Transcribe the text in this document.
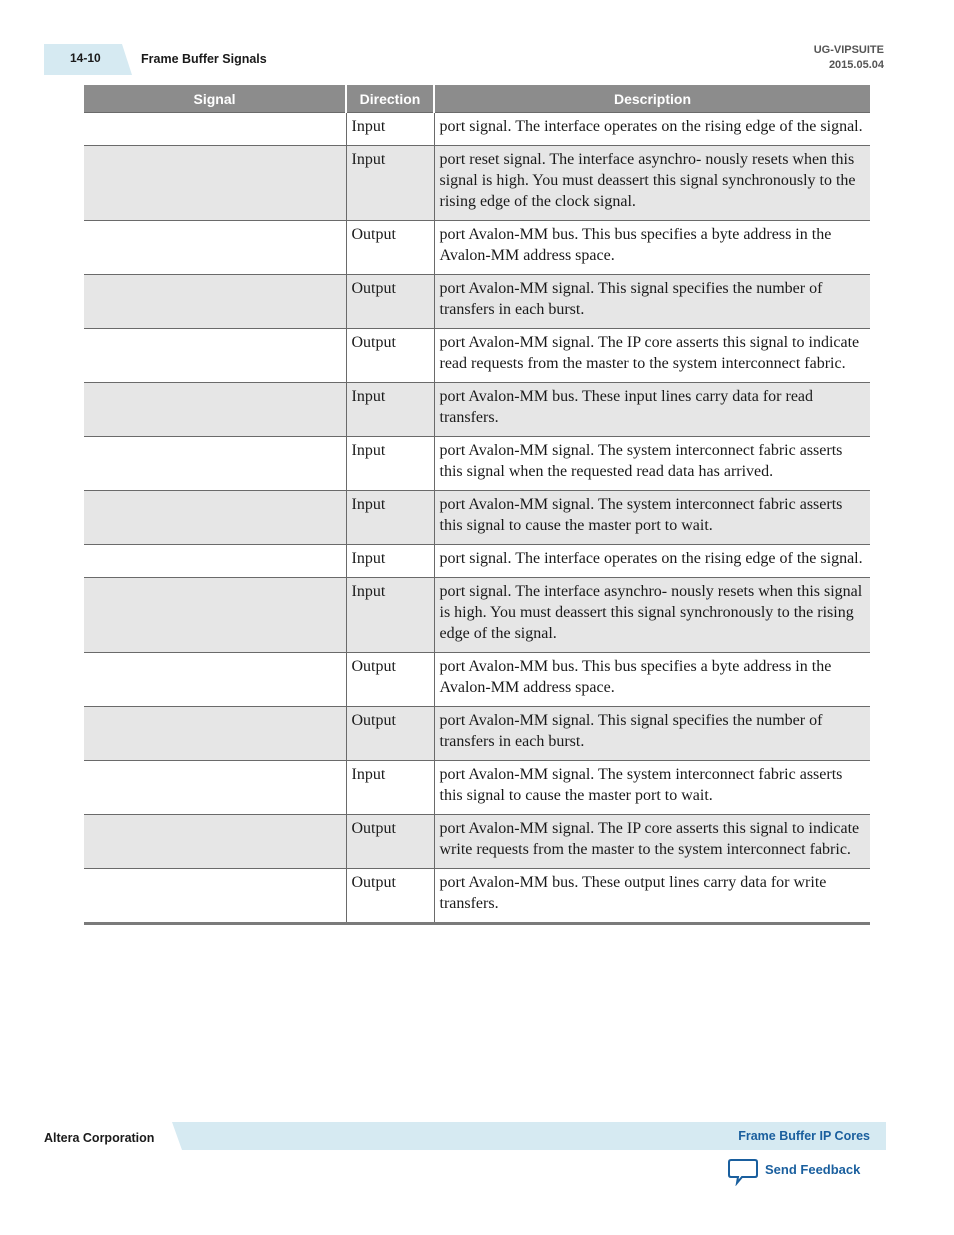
14-10	Frame Buffer Signals
UG-VIPSUITE
2015.05.04
Signal	Direction	Description
	Input	port signal. The interface operates on the rising edge of the signal.
	Input	port reset signal. The interface asynchro- nously resets when this signal is high. You must deassert this signal synchronously to the rising edge of the clock signal.
	Output	port Avalon-MM bus. This bus specifies a byte address in the Avalon-MM address space.
	Output	port Avalon-MM signal. This signal specifies the number of transfers in each burst.
	Output	port Avalon-MM signal. The IP core asserts this signal to indicate read requests from the master to the system interconnect fabric.
	Input	port Avalon-MM bus. These input lines carry data for read transfers.
	Input	port Avalon-MM signal. The system interconnect fabric asserts this signal when the requested read data has arrived.
	Input	port Avalon-MM signal. The system interconnect fabric asserts this signal to cause the master port to wait.
	Input	port signal. The interface operates on the rising edge of the signal.
	Input	port signal. The interface asynchro- nously resets when this signal is high. You must deassert this signal synchronously to the rising edge of the signal.
	Output	port Avalon-MM bus. This bus specifies a byte address in the Avalon-MM address space.
	Output	port Avalon-MM signal. This signal specifies the number of transfers in each burst.
	Input	port Avalon-MM signal. The system interconnect fabric asserts this signal to cause the master port to wait.
	Output	port Avalon-MM signal. The IP core asserts this signal to indicate write requests from the master to the system interconnect fabric.
	Output	port Avalon-MM bus. These output lines carry data for write transfers.
Altera Corporation	Frame Buffer IP Cores
Send Feedback
